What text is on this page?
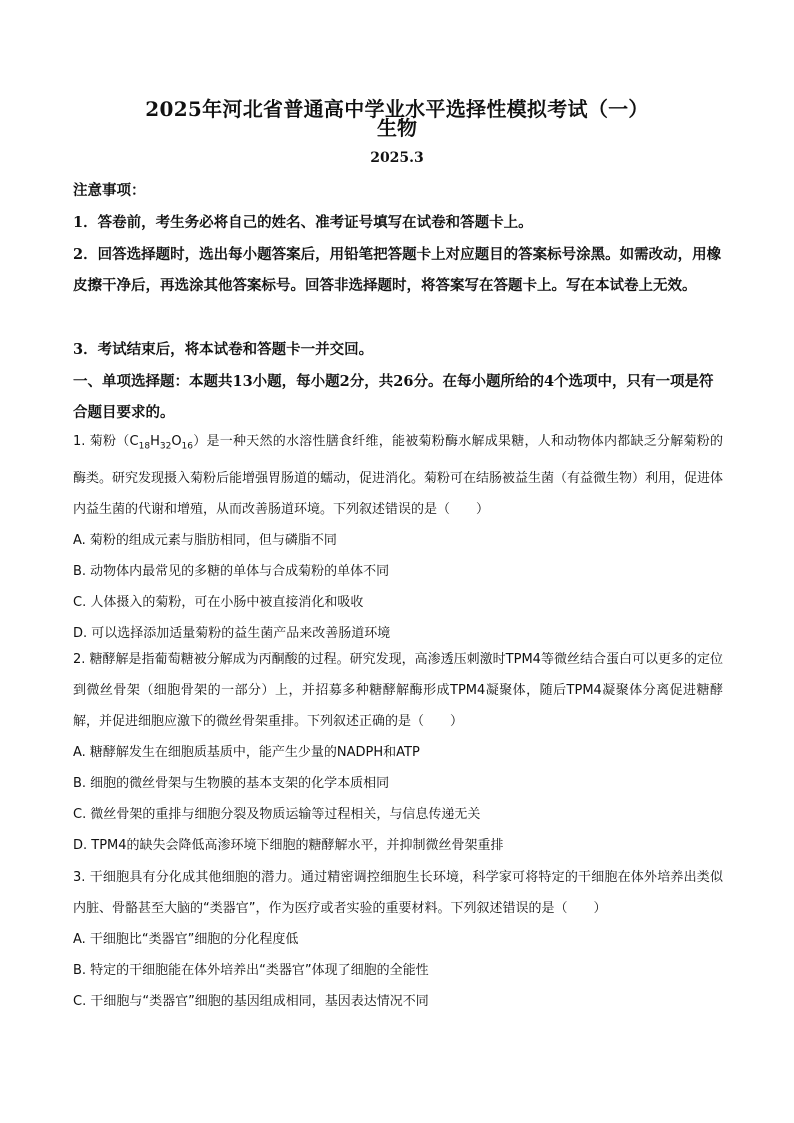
2025年河北省普通高中学业水平选择性模拟考试（一）
生物
2025.3
注意事项：
1．答卷前，考生务必将自己的姓名、准考证号填写在试卷和答题卡上。
2．回答选择题时，选出每小题答案后，用铅笔把答题卡上对应题目的答案标号涂黑。如需改动，用橡皮擦干净后，再选涂其他答案标号。回答非选择题时，将答案写在答题卡上。写在本试卷上无效。
3．考试结束后，将本试卷和答题卡一并交回。
一、单项选择题：本题共13小题，每小题2分，共26分。在每小题所给的4个选项中，只有一项是符合题目要求的。
1. 菊粉$(C_{18}H_{32}O_{16})$是一种天然的水溶性膳食纤维，能被菊粉酶水解成果糖，人和动物体内都缺乏分解菊粉的酶类。研究发现摄入菊粉后能增强胃肠道的蠕动，促进消化。菊粉可在结肠被益生菌（有益微生物）利用，促进体内益生菌的代谢和增殖，从而改善肠道环境。下列叙述错误的是（　　）
A. 菊粉的组成元素与脂肪相同，但与磷脂不同
B. 动物体内最常见的多糖的单体与合成菊粉的单体不同
C. 人体摄入的菊粉，可在小肠中被直接消化和吸收
D. 可以选择添加适量菊粉的益生菌产品来改善肠道环境
2. 糖酵解是指葡萄糖被分解成为丙酮酸的过程。研究发现，高渗透压刺激时TPM4等微丝结合蛋白可以更多的定位到微丝骨架（细胞骨架的一部分）上，并招募多种糖酵解酶形成TPM4凝聚体，随后TPM4凝聚体分离促进糖酵解，并促进细胞应激下的微丝骨架重排。下列叙述正确的是（　　）
A. 糖酵解发生在细胞质基质中，能产生少量的NADPH和ATP
B. 细胞的微丝骨架与生物膜的基本支架的化学本质相同
C. 微丝骨架的重排与细胞分裂及物质运输等过程相关，与信息传递无关
D. TPM4的缺失会降低高渗环境下细胞的糖酵解水平，并抑制微丝骨架重排
3. 干细胞具有分化成其他细胞的潜力。通过精密调控细胞生长环境，科学家可将特定的干细胞在体外培养出类似内脏、骨骼甚至大脑的“类器官”，作为医疗或者实验的重要材料。下列叙述错误的是（　　）
A. 干细胞比“类器官”细胞的分化程度低
B. 特定的干细胞能在体外培养出“类器官”体现了细胞的全能性
C. 干细胞与“类器官”细胞的基因组成相同，基因表达情况不同
